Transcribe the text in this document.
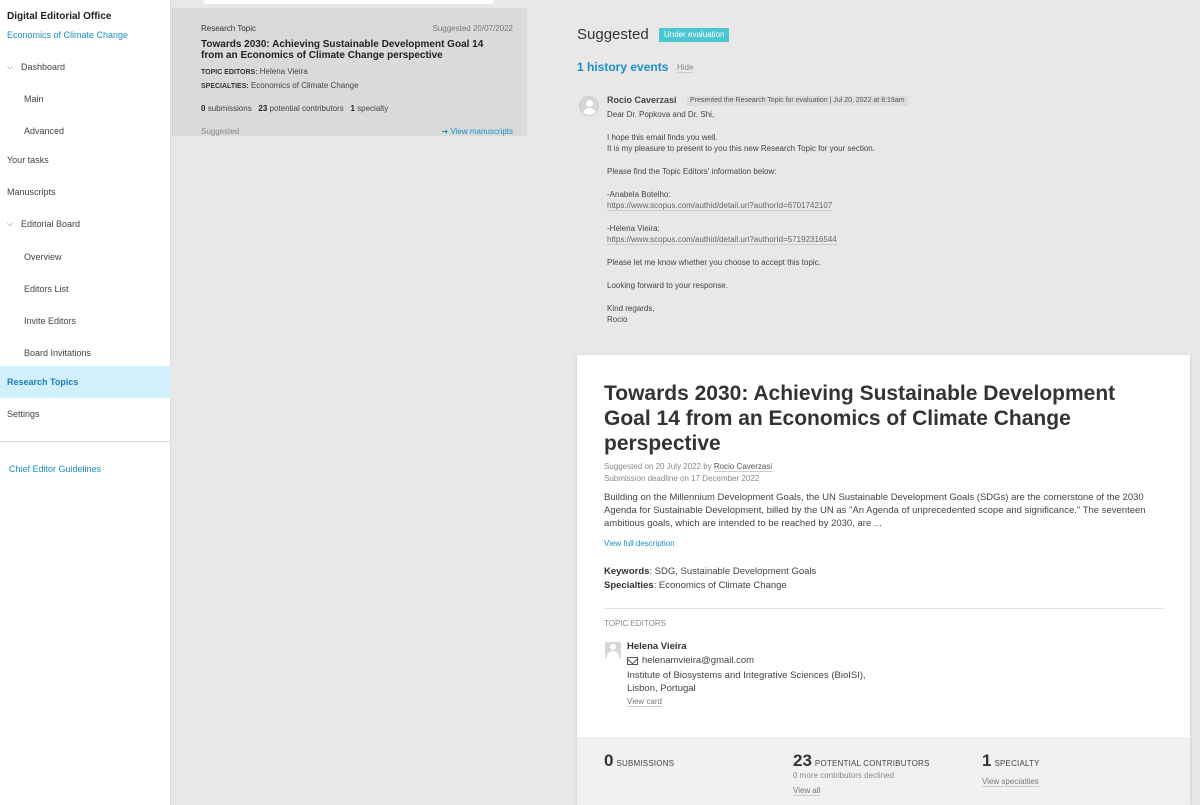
Digital Editorial Office
Economics of Climate Change
⌵ Dashboard
Main
Advanced
Your tasks
Manuscripts
⌵ Editorial Board
Overview
Editors List
Invite Editors
Board Invitations
Research Topics
Settings
Chief Editor Guidelines
Research Topic	Suggested 20/07/2022
Towards 2030: Achieving Sustainable Development Goal 14 from an Economics of Climate Change perspective
TOPIC EDITORS: Helena Vieira
SPECIALTIES: Economics of Climate Change
0 submissions 23 potential contributors 1 specialty
Suggested	➔ View manuscripts
Suggested	Under evaluation
1 history events Hide
Rocio Caverzasi	Presented the Research Topic for evaluation | Jul 20, 2022 at 8:19am
Dear Dr. Popkova and Dr. Shi,
I hope this email finds you well.
It is my pleasure to present to you this new Research Topic for your section.
Please find the Topic Editors' information below:
-Anabela Botelho:
https://www.scopus.com/authid/detail.uri?authorId=6701742107
-Helena Vieira:
https://www.scopus.com/authid/detail.uri?authorId=57192316544
Please let me know whether you choose to accept this topic.
Looking forward to your response.
Kind regards,
Rocio
Towards 2030: Achieving Sustainable Development Goal 14 from an Economics of Climate Change perspective
Suggested on 20 July 2022 by Rocio Caverzasi
Submission deadline on 17 December 2022
Building on the Millennium Development Goals, the UN Sustainable Development Goals (SDGs) are the cornerstone of the 2030 Agenda for Sustainable Development, billed by the UN as "An Agenda of unprecedented scope and significance." The seventeen ambitious goals, which are intended to be reached by 2030, are ...
View full description
Keywords: SDG, Sustainable Development Goals
Specialties: Economics of Climate Change
TOPIC EDITORS
Helena Vieira
helenamvieira@gmail.com
Institute of Biosystems and Integrative Sciences (BioISI), Lisbon, Portugal
View card
0 SUBMISSIONS	23 POTENTIAL CONTRIBUTORS
0 more contributors declined
View all
1 SPECIALTY
View specialties
